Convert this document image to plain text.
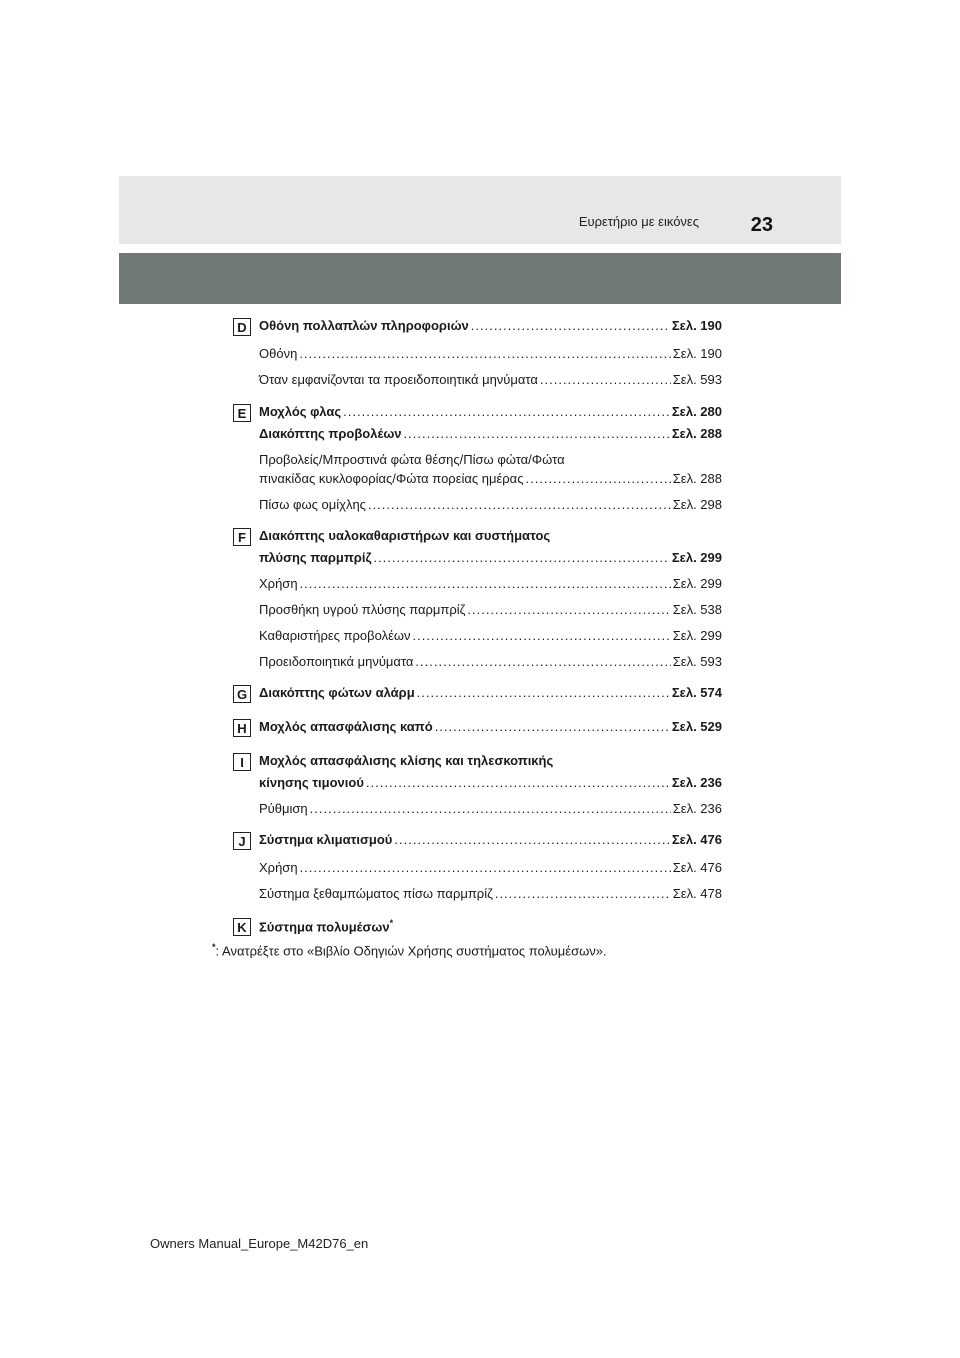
Ευρετήριο με εικόνες	23
D Οθόνη πολλαπλών πληροφοριών .....	Σελ. 190
Οθόνη .....	Σελ. 190
Όταν εμφανίζονται τα προειδοποιητικά μηνύματα .....	Σελ. 593
E Μοχλός φλας .....	Σελ. 280
Διακόπτης προβολέων .....	Σελ. 288
Προβολείς/Μπροστινά φώτα θέσης/Πίσω φώτα/Φώτα
πινακίδας κυκλοφορίας/Φώτα πορείας ημέρας .....	Σελ. 288
Πίσω φως ομίχλης .....	Σελ. 298
F	Διακόπτης υαλοκαθαριστήρων και συστήματος
πλύσης παρμπρίζ .....	Σελ. 299
Χρήση .....	Σελ. 299
Προσθήκη υγρού πλύσης παρμπρίζ .....	Σελ. 538
Καθαριστήρες προβολέων .....	Σελ. 299
Προειδοποιητικά μηνύματα .....	Σελ. 593
G Διακόπτης φώτων αλάρμ .....	Σελ. 574
H Μοχλός απασφάλισης καπό .....	Σελ. 529
I	Μοχλός απασφάλισης κλίσης και τηλεσκοπικής
κίνησης τιμονιού .....	Σελ. 236
Ρύθμιση .....	Σελ. 236
J	Σύστημα κλιματισμού .....	Σελ. 476
Χρήση .....	Σελ. 476
Σύστημα ξεθαμπώματος πίσω παρμπρίζ .....	Σελ. 478
K Σύστημα πολυμέσων*
*: Ανατρέξτε στο «Βιβλίο Οδηγιών Χρήσης συστήματος πολυμέσων».
Owners Manual_Europe_M42D76_en
